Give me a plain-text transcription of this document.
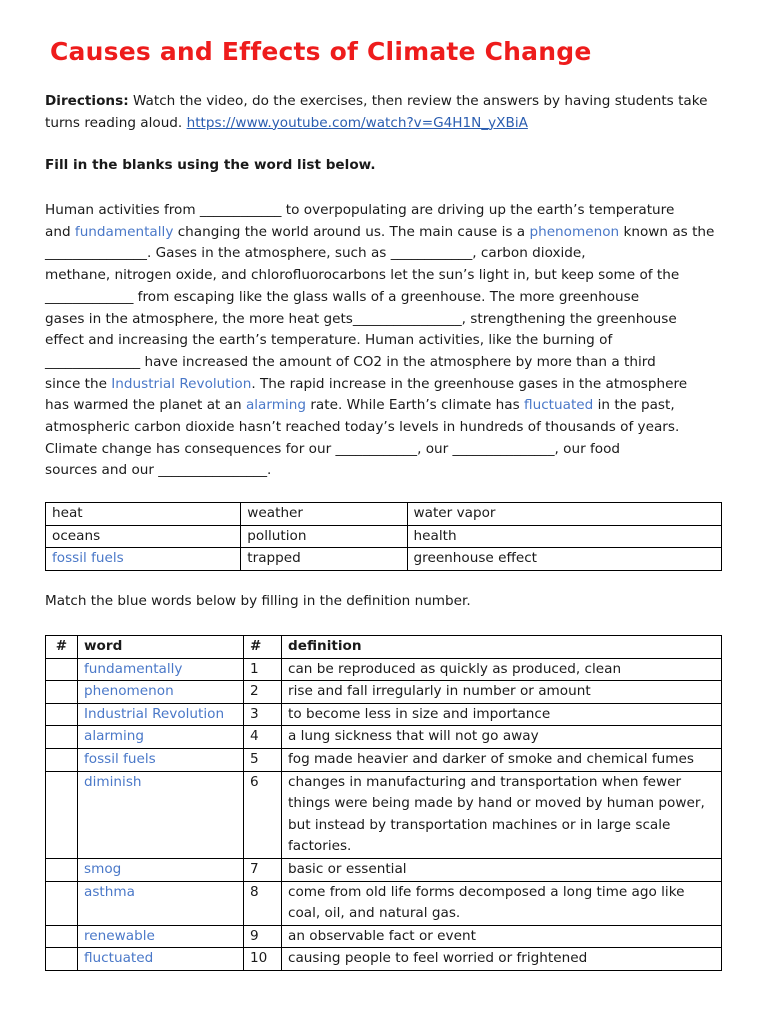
Causes and Effects of Climate Change
Directions: Watch the video, do the exercises, then review the answers by having students take turns reading aloud. https://www.youtube.com/watch?v=G4H1N_yXBiA
Fill in the blanks using the word list below.
Human activities from ____________ to overpopulating are driving up the earth’s temperature
and fundamentally changing the world around us. The main cause is a phenomenon known as the
_______________. Gases in the atmosphere, such as ____________, carbon dioxide,
methane, nitrogen oxide, and chlorofluorocarbons let the sun’s light in, but keep some of the
_____________ from escaping like the glass walls of a greenhouse. The more greenhouse
gases in the atmosphere, the more heat gets________________, strengthening the greenhouse
effect and increasing the earth’s temperature. Human activities, like the burning of
______________ have increased the amount of CO2 in the atmosphere by more than a third
since the Industrial Revolution. The rapid increase in the greenhouse gases in the atmosphere
has warmed the planet at an alarming rate. While Earth’s climate has fluctuated in the past,
atmospheric carbon dioxide hasn’t reached today’s levels in hundreds of thousands of years.
Climate change has consequences for our ____________, our _______________, our food
sources and our ________________.
heat	weather	water vapor
oceans	pollution	health
fossil fuels	trapped	greenhouse effect
Match the blue words below by filling in the definition number.
#	word	#	definition
	fundamentally	1	can be reproduced as quickly as produced, clean
	phenomenon	2	rise and fall irregularly in number or amount
	Industrial Revolution	3	to become less in size and importance
	alarming	4	a lung sickness that will not go away
	fossil fuels	5	fog made heavier and darker of smoke and chemical fumes
	diminish	6	changes in manufacturing and transportation when fewer things were being made by hand or moved by human power, but instead by transportation machines or in large scale factories.
	smog	7	basic or essential
	asthma	8	come from old life forms decomposed a long time ago like coal, oil, and natural gas.
	renewable	9	an observable fact or event
	fluctuated	10	causing people to feel worried or frightened
